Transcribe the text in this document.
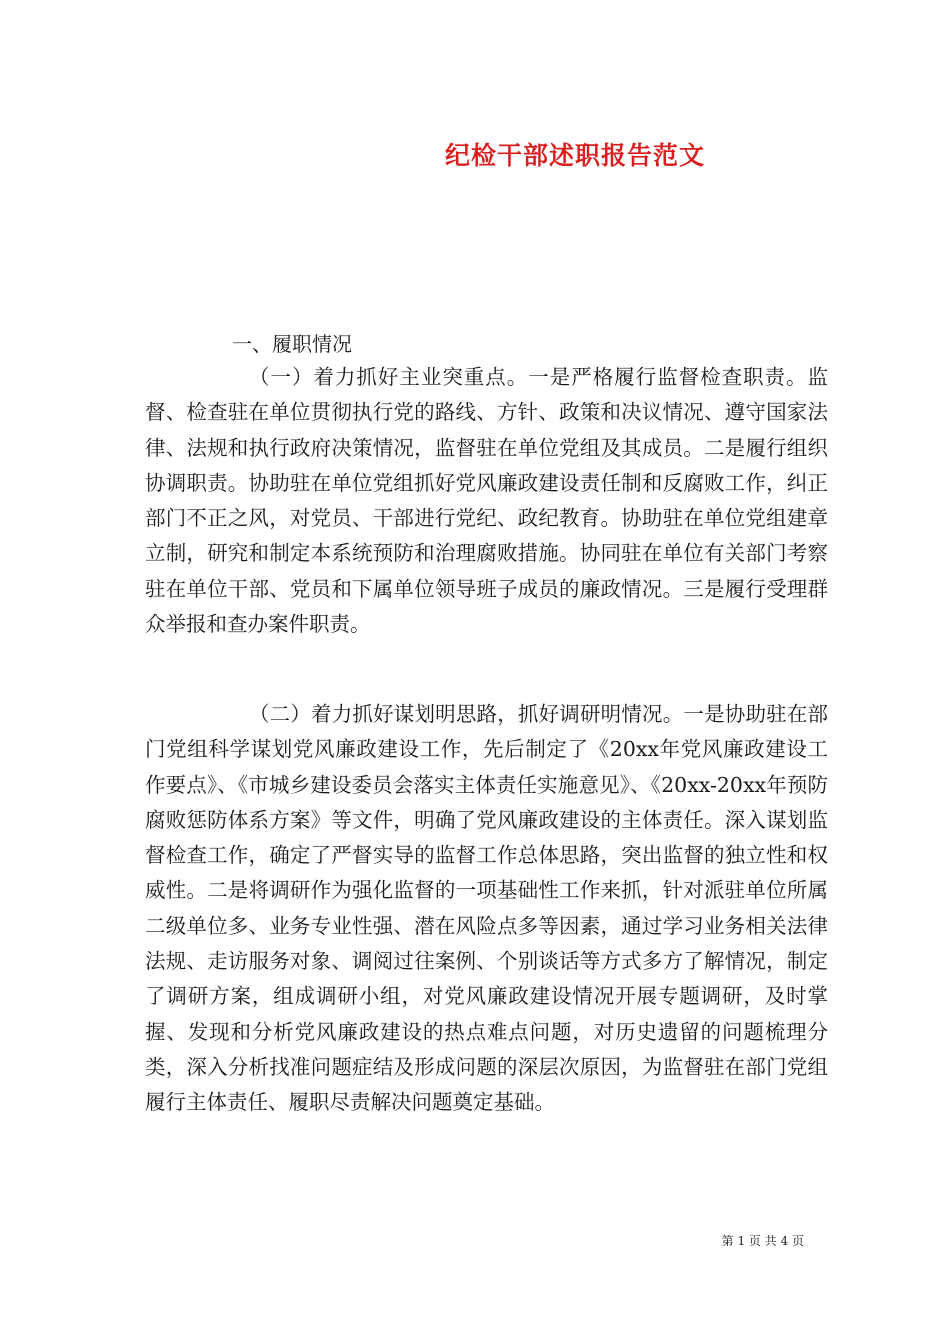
纪检干部述职报告范文
一、履职情况

（一）着力抓好主业突重点。一是严格履行监督检查职责。监督、检查驻在单位贯彻执行党的路线、方针、政策和决议情况、遵守国家法律、法规和执行政府决策情况，监督驻在单位党组及其成员。二是履行组织协调职责。协助驻在单位党组抓好党风廉政建设责任制和反腐败工作，纠正部门不正之风，对党员、干部进行党纪、政纪教育。协助驻在单位党组建章立制，研究和制定本系统预防和治理腐败措施。协同驻在单位有关部门考察驻在单位干部、党员和下属单位领导班子成员的廉政情况。三是履行受理群众举报和查办案件职责。

（二）着力抓好谋划明思路，抓好调研明情况。一是协助驻在部门党组科学谋划党风廉政建设工作，先后制定了《20xx年党风廉政建设工作要点》、《市城乡建设委员会落实主体责任实施意见》、《20xx-20xx年预防腐败惩防体系方案》等文件，明确了党风廉政建设的主体责任。深入谋划监督检查工作，确定了严督实导的监督工作总体思路，突出监督的独立性和权威性。二是将调研作为强化监督的一项基础性工作来抓，针对派驻单位所属二级单位多、业务专业性强、潜在风险点多等因素，通过学习业务相关法律法规、走访服务对象、调阅过往案例、个别谈话等方式多方了解情况，制定了调研方案，组成调研小组，对党风廉政建设情况开展专题调研，及时掌握、发现和分析党风廉政建设的热点难点问题，对历史遗留的问题梳理分类，深入分析找准问题症结及形成问题的深层次原因，为监督驻在部门党组履行主体责任、履职尽责解决问题奠定基础。

第 1 页 共 4 页
